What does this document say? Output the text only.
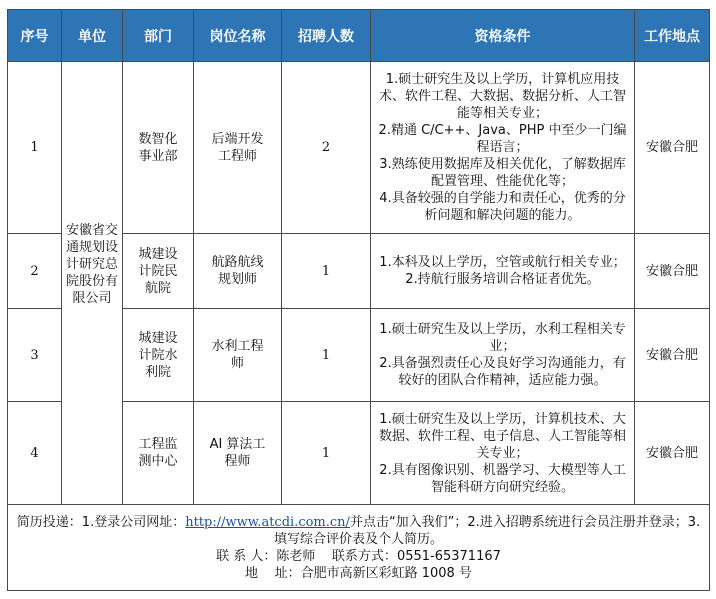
序号	单位	部门	岗位名称	招聘人数	资格条件	工作地点
1	安徽省交通规划设计研究总院股份有限公司	数智化事业部	后端开发工程师	2	1.硕士研究生及以上学历，计算机应用技术、软件工程、大数据、数据分析、人工智能等相关专业；
2.精通 C/C++、Java、PHP 中至少一门编程语言；
3.熟练使用数据库及相关优化，了解数据库配置管理、性能优化等；
4.具备较强的自学能力和责任心，优秀的分析问题和解决问题的能力。	安徽合肥
2		城建设计院民航院	航路航线规划师	1	1.本科及以上学历，空管或航行相关专业；
2.持航行服务培训合格证者优先。	安徽合肥
3		城建设计院水利院	水利工程师	1	1.硕士研究生及以上学历，水利工程相关专业；
2.具备强烈责任心及良好学习沟通能力，有较好的团队合作精神，适应能力强。	安徽合肥
4		工程监测中心	AI 算法工程师	1	1.硕士研究生及以上学历，计算机技术、大数据、软件工程、电子信息、人工智能等相关专业；
2.具有图像识别、机器学习、大模型等人工智能科研方向研究经验。	安徽合肥

简历投递：1.登录公司网址：http://www.atcdi.com.cn/并点击“加入我们”；2.进入招聘系统进行会员注册并登录；3.填写综合评价表及个人简历。
联 系 人：陈老师 联系方式：0551-65371167
地    址：合肥市高新区彩虹路 1008 号						
